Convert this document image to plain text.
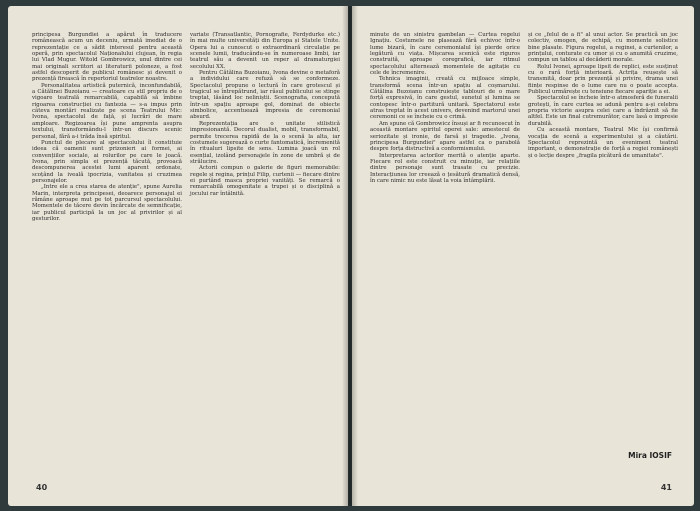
principesa Burgundiei a apărut în traducere românească acum un deceniu, urmată imediat de o reprezentație ce a sădit interesul pentru această operă, prin spectacolul Naționalului clujean, în regia lui Vlad Mugur. Witold Gombrowicz, unul dintre cei mai originali scriitori ai literaturii poloneze, a fost astfel descoperit de publicul românesc și devenit o prezență firească în repertoriul teatrelor noastre.

Personalitatea artistică puternică, inconfundabilă, a Cătălinei Buzoianu — creatoare cu stil propriu de o vigoare teatrală remarcabilă, capabilă să îmbine rigoarea construcției cu fantezia — s-a impus prin câteva montări realizate pe scena Teatrului Mic: Ivona, spectacolul de față, și lucrări de mare amploare. Regizoarea își pune amprenta asupra textului, transformându-l într-un discurs scenic personal, fără a-i trăda însă spiritul.

Punctul de plecare al spectacolului îl constituie ideea că oamenii sunt prizonieri ai formei, ai convențiilor sociale, ai rolurilor pe care le joacă. Ivona, prin simpla ei prezență tăcută, provoacă descompunerea acestei lumi aparent ordonate, scoțând la iveală ipocrizia, vanitatea și cruzimea personajelor.

„Intre ele a crea starea de atenție", spune Aurelia Marin, interpreta principesei, deoarece personajul ei rămâne aproape mut pe tot parcursul spectacolului. Momentele de tăcere devin încărcate de semnificație, iar publicul participă la un joc al privirilor și al gesturilor.

variate (Transatlantic, Pornografie, Ferdydurke etc.) în mai multe universități din Europa și Statele Unite. Opera lui a cunoscut o extraordinară circulație pe scenele lumii, traducându-se în numeroase limbi, iar teatrul său a devenit un reper al dramaturgiei secolului XX.

Pentru Cătălina Buzoianu, Ivona devine o metaforă a individului care refuză să se conformeze. Spectacolul propune o lectură în care grotescul și tragicul se întrepătrund, iar râsul publicului se stinge treptat, lăsând loc neliniștii. Scenografia, concepută într-un spațiu aproape gol, dominat de obiecte simbolice, accentuează impresia de ceremonial absurd.

Reprezentația are o unitate stilistică impresionantă. Decorul dualist, mobil, transformabil, permite trecerea rapidă de la o scenă la alta, iar costumele sugerează o curte fantomatică, încremenită în ritualuri lipsite de sens. Lumina joacă un rol esențial, izolând personajele în zone de umbră și de strălucire.

Actorii compun o galerie de figuri memorabile: regele și regina, prințul Filip, curtenii — fiecare dintre ei purtând masca propriei vanități. Se remarcă o remarcabilă omogenitate a trupei și o disciplină a jocului rar întâlnită.

40

minute de un sinistru gambelan — Curtea regelui Ignațiu. Costumele ne plasează fără echivoc într-o lume bizară, în care ceremonialul își pierde orice legătură cu viața. Mișcarea scenică este riguros construită, aproape coregrafică, iar ritmul spectacolului alternează momentele de agitație cu cele de încremenire.

Tehnica imaginii, creată cu mijloace simple, transformă scena într-un spațiu al coșmarului. Cătălina Buzoianu construiește tablouri de o mare forță expresivă, în care gestul, sunetul și lumina se contopesc într-o partitură unitară. Spectatorul este atras treptat în acest univers, devenind martorul unei ceremonii ce se încheie cu o crimă.

Am spune că Gombrowicz însuși ar fi recunoscut în această montare spiritul operei sale: amestecul de seriozitate și ironie, de farsă și tragedie. „Ivona, principesa Burgundiei" apare astfel ca o parabolă despre forța distructivă a conformismului.

Interpretarea actorilor merită o atenție aparte. Fiecare rol este construit cu minuție, iar relațiile dintre personaje sunt trasate cu precizie. Interacțiunea lor creează o țesătură dramatică densă, în care nimic nu este lăsat la voia întâmplării.

și ce „felul de a fi" al unui actor. Se practică un joc colectiv, omogen, de echipă, cu momente solistice bine plasate. Figura regelui, a reginei, a curtenilor, a prințului, conturate cu umor și cu o anumită cruzime, compun un tablou al decăderii morale.

Rolul Ivonei, aproape lipsit de replici, este susținut cu o rară forță interioară. Actrița reușește să transmită, doar prin prezență și privire, drama unei ființe respinse de o lume care nu o poate accepta. Publicul urmărește cu tensiune fiecare apariție a ei.

Spectacolul se încheie într-o atmosferă de funeralii grotești, în care curtea se adună pentru a-și celebra propria victorie asupra celei care a îndrăznit să fie altfel. Este un final cutremurător, care lasă o impresie durabilă.

Cu această montare, Teatrul Mic își confirmă vocația de scenă a experimentului și a căutării. Spectacolul reprezintă un eveniment teatral important, o demonstrație de forță a regiei românești și o lecție despre „fragila picătură de umanitate".

Mira IOSIF
41
